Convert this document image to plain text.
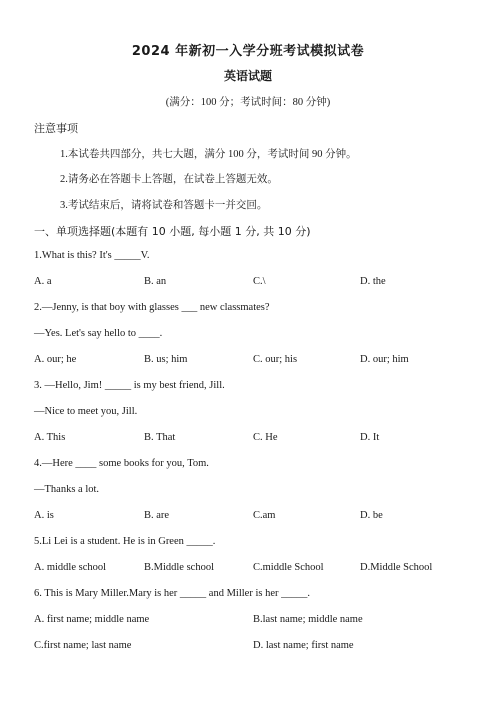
2024 年新初一入学分班考试模拟试卷
英语试题
(满分：100 分；考试时间：80 分钟)
注意事项
1.本试卷共四部分，共七大题，满分 100 分，考试时间 90 分钟。
2.请务必在答题卡上答题，在试卷上答题无效。
3.考试结束后，请将试卷和答题卡一并交回。
一、单项选择题(本题有 10 小题, 每小题 1 分, 共 10 分)
1.What is this? It's _____V.
A. a	B. an	C.\	D. the
2.—Jenny, is that boy with glasses ___ new classmates?
—Yes. Let's say hello to ____.
A. our; he	B. us; him	C. our; his	D. our; him
3. —Hello, Jim! _____ is my best friend, Jill.
—Nice to meet you, Jill.
A. This	B. That	C. He	D. It
4.—Here ____ some books for you, Tom.
—Thanks a lot.
A. is	B. are	C.am	D. be
5.Li Lei is a student. He is in Green _____.
A. middle school	B.Middle school	C.middle School	D.Middle School
6. This is Mary Miller.Mary is her _____ and Miller is her _____.
A. first name; middle name	B.last name; middle name
C.first name; last name	D. last name; first name
